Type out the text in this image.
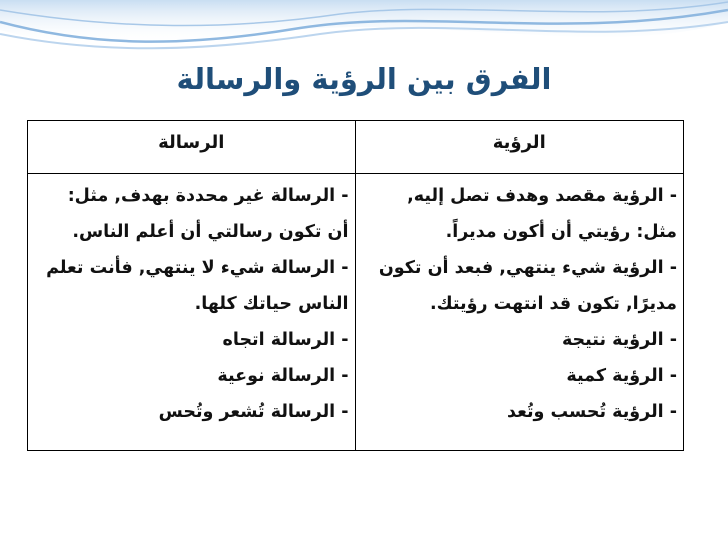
الفرق بين الرؤية والرسالة
الرؤية
الرسالة
- الرؤية مقصد وهدف تصل إليه,
مثل: رؤيتي أن أكون مديراً.
- الرؤية شيء ينتهي, فبعد أن تكون
مديرًا, تكون قد انتهت رؤيتك.
- الرؤية نتيجة
- الرؤية كمية
- الرؤية تُحسب وتُعد
- الرسالة غير محددة بهدف, مثل:
أن تكون رسالتي أن أعلم الناس.
- الرسالة شيء لا ينتهي, فأنت تعلم
الناس حياتك كلها.
- الرسالة اتجاه
- الرسالة نوعية
- الرسالة تُشعر وتُحس
